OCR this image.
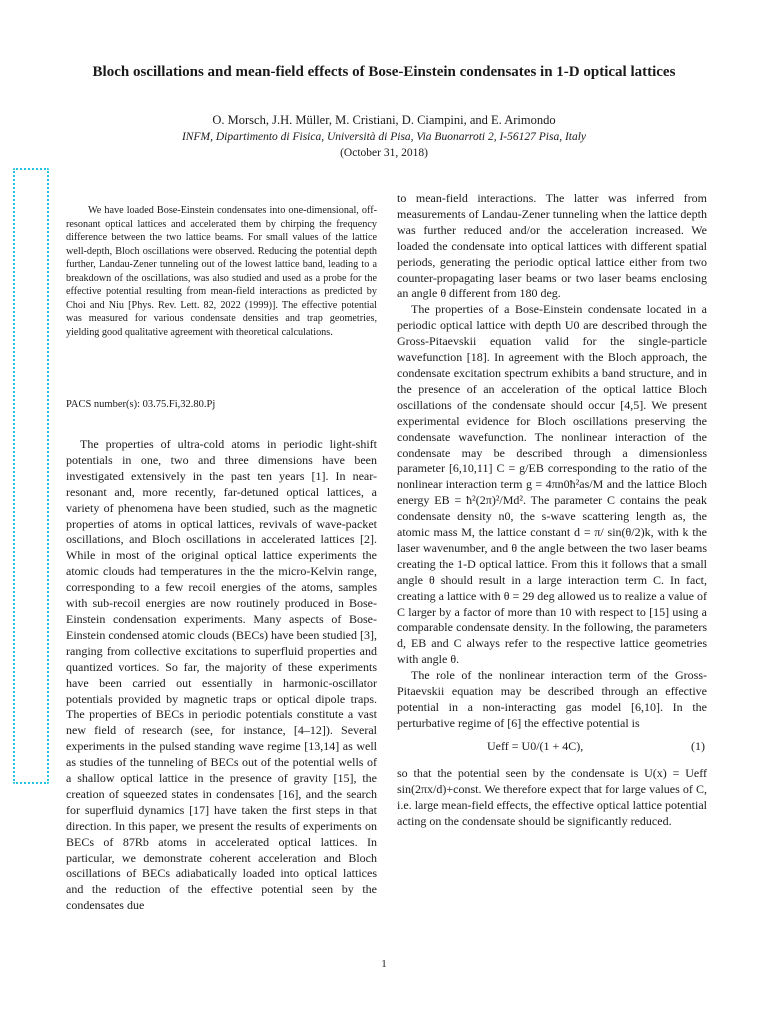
Bloch oscillations and mean-field effects of Bose-Einstein condensates in 1-D optical lattices

O. Morsch, J.H. Müller, M. Cristiani, D. Ciampini, and E. Arimondo

INFM, Dipartimento di Fisica, Università di Pisa, Via Buonarroti 2, I-56127 Pisa, Italy

(October 31, 2018)

We have loaded Bose-Einstein condensates into one-dimensional, off-resonant optical lattices and accelerated them by chirping the frequency difference between the two lattice beams. For small values of the lattice well-depth, Bloch oscillations were observed. Reducing the potential depth further, Landau-Zener tunneling out of the lowest lattice band, leading to a breakdown of the oscillations, was also studied and used as a probe for the effective potential resulting from mean-field interactions as predicted by Choi and Niu [Phys. Rev. Lett. 82, 2022 (1999)]. The effective potential was measured for various condensate densities and trap geometries, yielding good qualitative agreement with theoretical calculations.

PACS number(s): 03.75.Fi,32.80.Pj

The properties of ultra-cold atoms in periodic light-shift potentials in one, two and three dimensions have been investigated extensively in the past ten years [1]. In near-resonant and, more recently, far-detuned optical lattices, a variety of phenomena have been studied, such as the magnetic properties of atoms in optical lattices, revivals of wave-packet oscillations, and Bloch oscillations in accelerated lattices [2]. While in most of the original optical lattice experiments the atomic clouds had temperatures in the the micro-Kelvin range, corresponding to a few recoil energies of the atoms, samples with sub-recoil energies are now routinely produced in Bose-Einstein condensation experiments. Many aspects of Bose-Einstein condensed atomic clouds (BECs) have been studied [3], ranging from collective excitations to superfluid properties and quantized vortices. So far, the majority of these experiments have been carried out essentially in harmonic-oscillator potentials provided by magnetic traps or optical dipole traps. The properties of BECs in periodic potentials constitute a vast new field of research (see, for instance, [4–12]). Several experiments in the pulsed standing wave regime [13,14] as well as studies of the tunneling of BECs out of the potential wells of a shallow optical lattice in the presence of gravity [15], the creation of squeezed states in condensates [16], and the search for superfluid dynamics [17] have taken the first steps in that direction. In this paper, we present the results of experiments on BECs of 87Rb atoms in accelerated optical lattices. In particular, we demonstrate coherent acceleration and Bloch oscillations of BECs adiabatically loaded into optical lattices and the reduction of the effective potential seen by the condensates due

to mean-field interactions. The latter was inferred from measurements of Landau-Zener tunneling when the lattice depth was further reduced and/or the acceleration increased. We loaded the condensate into optical lattices with different spatial periods, generating the periodic optical lattice either from two counter-propagating laser beams or two laser beams enclosing an angle θ different from 180 deg.

The properties of a Bose-Einstein condensate located in a periodic optical lattice with depth U0 are described through the Gross-Pitaevskii equation valid for the single-particle wavefunction [18]. In agreement with the Bloch approach, the condensate excitation spectrum exhibits a band structure, and in the presence of an acceleration of the optical lattice Bloch oscillations of the condensate should occur [4,5]. We present experimental evidence for Bloch oscillations preserving the condensate wavefunction. The nonlinear interaction of the condensate may be described through a dimensionless parameter [6,10,11] C = g/EB corresponding to the ratio of the nonlinear interaction term g = 4πn0ħ²as/M and the lattice Bloch energy EB = ħ²(2π)²/Md². The parameter C contains the peak condensate density n0, the s-wave scattering length as, the atomic mass M, the lattice constant d = π/ sin(θ/2)k, with k the laser wavenumber, and θ the angle between the two laser beams creating the 1-D optical lattice. From this it follows that a small angle θ should result in a large interaction term C. In fact, creating a lattice with θ = 29 deg allowed us to realize a value of C larger by a factor of more than 10 with respect to [15] using a comparable condensate density. In the following, the parameters d, EB and C always refer to the respective lattice geometries with angle θ.

The role of the nonlinear interaction term of the Gross-Pitaevskii equation may be described through an effective potential in a non-interacting gas model [6,10]. In the perturbative regime of [6] the effective potential is

Ueff = U0/(1 + 4C),	(1)

so that the potential seen by the condensate is U(x) = Ueff sin(2πx/d)+const. We therefore expect that for large values of C, i.e. large mean-field effects, the effective optical lattice potential acting on the condensate should be significantly reduced.

1
